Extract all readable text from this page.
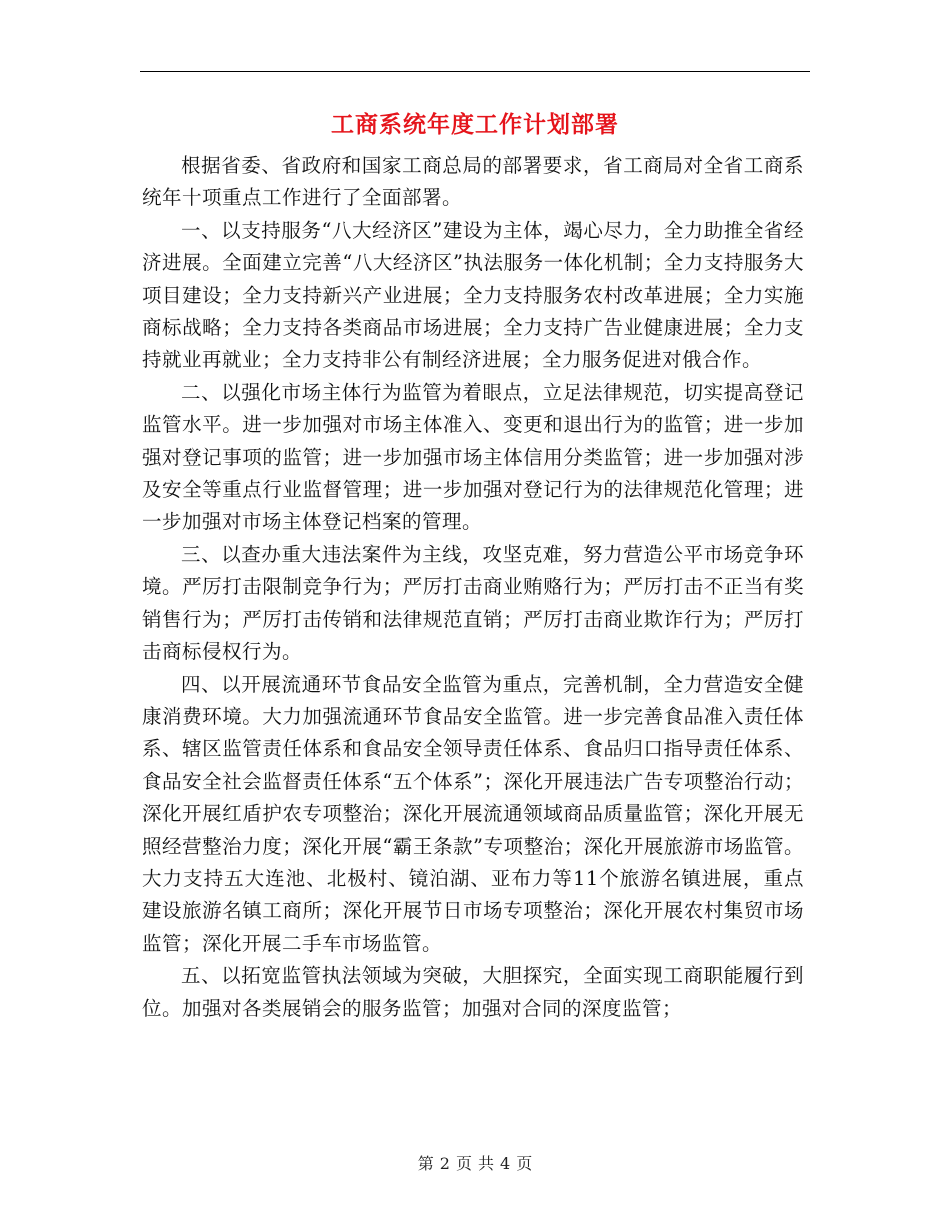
工商系统年度工作计划部署

根据省委、省政府和国家工商总局的部署要求，省工商局对全省工商系统年十项重点工作进行了全面部署。

一、以支持服务“八大经济区”建设为主体，竭心尽力，全力助推全省经济进展。全面建立完善“八大经济区”执法服务一体化机制；全力支持服务大项目建设；全力支持新兴产业进展；全力支持服务农村改革进展；全力实施商标战略；全力支持各类商品市场进展；全力支持广告业健康进展；全力支持就业再就业；全力支持非公有制经济进展；全力服务促进对俄合作。

二、以强化市场主体行为监管为着眼点，立足法律规范，切实提高登记监管水平。进一步加强对市场主体准入、变更和退出行为的监管；进一步加强对登记事项的监管；进一步加强市场主体信用分类监管；进一步加强对涉及安全等重点行业监督管理；进一步加强对登记行为的法律规范化管理；进一步加强对市场主体登记档案的管理。

三、以查办重大违法案件为主线，攻坚克难，努力营造公平市场竞争环境。严厉打击限制竞争行为；严厉打击商业贿赂行为；严厉打击不正当有奖销售行为；严厉打击传销和法律规范直销；严厉打击商业欺诈行为；严厉打击商标侵权行为。

四、以开展流通环节食品安全监管为重点，完善机制，全力营造安全健康消费环境。大力加强流通环节食品安全监管。进一步完善食品准入责任体系、辖区监管责任体系和食品安全领导责任体系、食品归口指导责任体系、食品安全社会监督责任体系“五个体系”；深化开展违法广告专项整治行动；深化开展红盾护农专项整治；深化开展流通领域商品质量监管；深化开展无照经营整治力度；深化开展“霸王条款”专项整治；深化开展旅游市场监管。大力支持五大连池、北极村、镜泊湖、亚布力等11个旅游名镇进展，重点建设旅游名镇工商所；深化开展节日市场专项整治；深化开展农村集贸市场监管；深化开展二手车市场监管。

五、以拓宽监管执法领域为突破，大胆探究，全面实现工商职能履行到位。加强对各类展销会的服务监管；加强对合同的深度监管；

第 2 页 共 4 页
